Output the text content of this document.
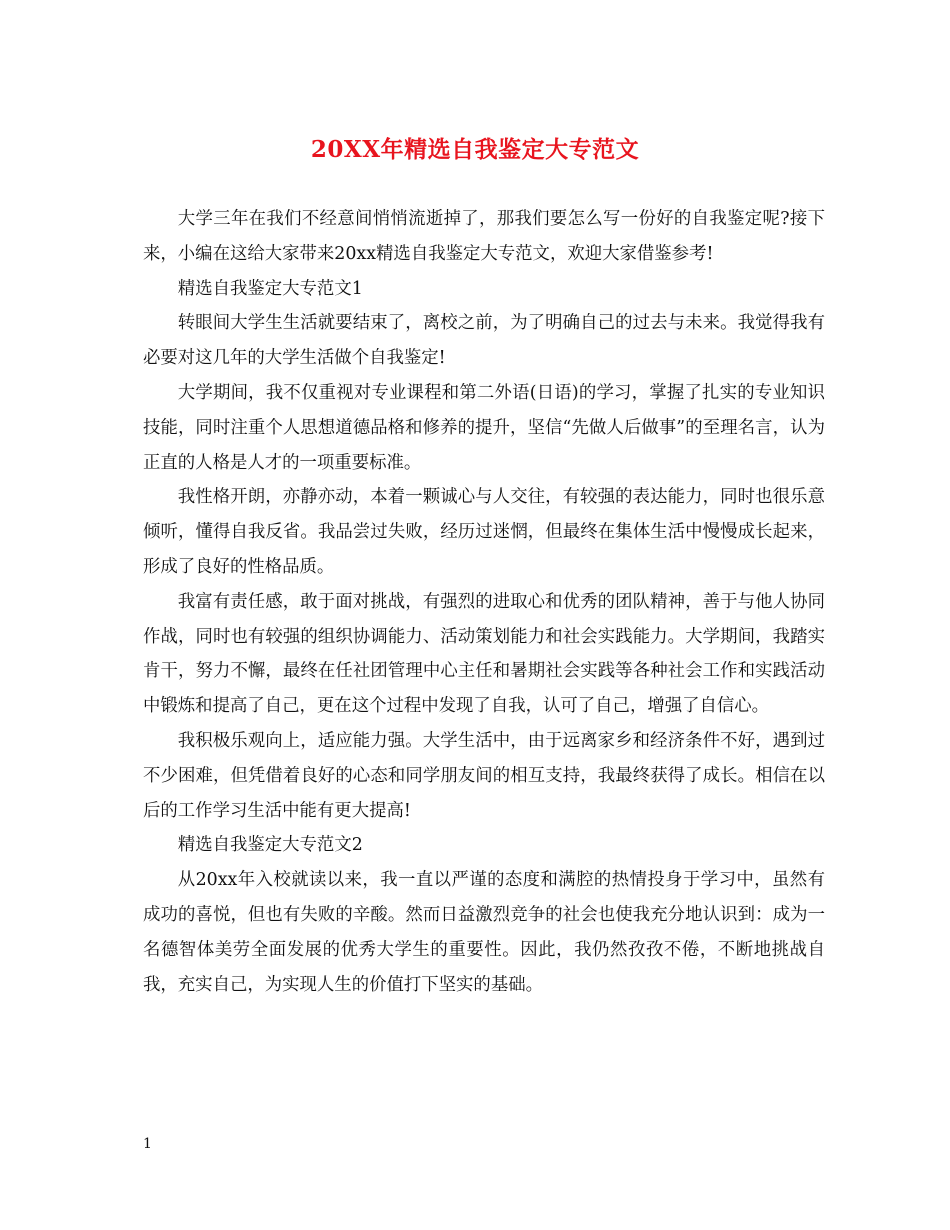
20XX年精选自我鉴定大专范文

大学三年在我们不经意间悄悄流逝掉了，那我们要怎么写一份好的自我鉴定呢?接下来，小编在这给大家带来20xx精选自我鉴定大专范文，欢迎大家借鉴参考!

精选自我鉴定大专范文1

转眼间大学生生活就要结束了，离校之前，为了明确自己的过去与未来。我觉得我有必要对这几年的大学生活做个自我鉴定!

大学期间，我不仅重视对专业课程和第二外语(日语)的学习，掌握了扎实的专业知识技能，同时注重个人思想道德品格和修养的提升，坚信“先做人后做事”的至理名言，认为正直的人格是人才的一项重要标准。

我性格开朗，亦静亦动，本着一颗诚心与人交往，有较强的表达能力，同时也很乐意倾听，懂得自我反省。我品尝过失败，经历过迷惘，但最终在集体生活中慢慢成长起来，形成了良好的性格品质。

我富有责任感，敢于面对挑战，有强烈的进取心和优秀的团队精神，善于与他人协同作战，同时也有较强的组织协调能力、活动策划能力和社会实践能力。大学期间，我踏实肯干，努力不懈，最终在任社团管理中心主任和暑期社会实践等各种社会工作和实践活动中锻炼和提高了自己，更在这个过程中发现了自我，认可了自己，增强了自信心。

我积极乐观向上，适应能力强。大学生活中，由于远离家乡和经济条件不好，遇到过不少困难，但凭借着良好的心态和同学朋友间的相互支持，我最终获得了成长。相信在以后的工作学习生活中能有更大提高!

精选自我鉴定大专范文2

从20xx年入校就读以来，我一直以严谨的态度和满腔的热情投身于学习中，虽然有成功的喜悦，但也有失败的辛酸。然而日益激烈竞争的社会也使我充分地认识到：成为一名德智体美劳全面发展的优秀大学生的重要性。因此，我仍然孜孜不倦，不断地挑战自我，充实自己，为实现人生的价值打下坚实的基础。

1
